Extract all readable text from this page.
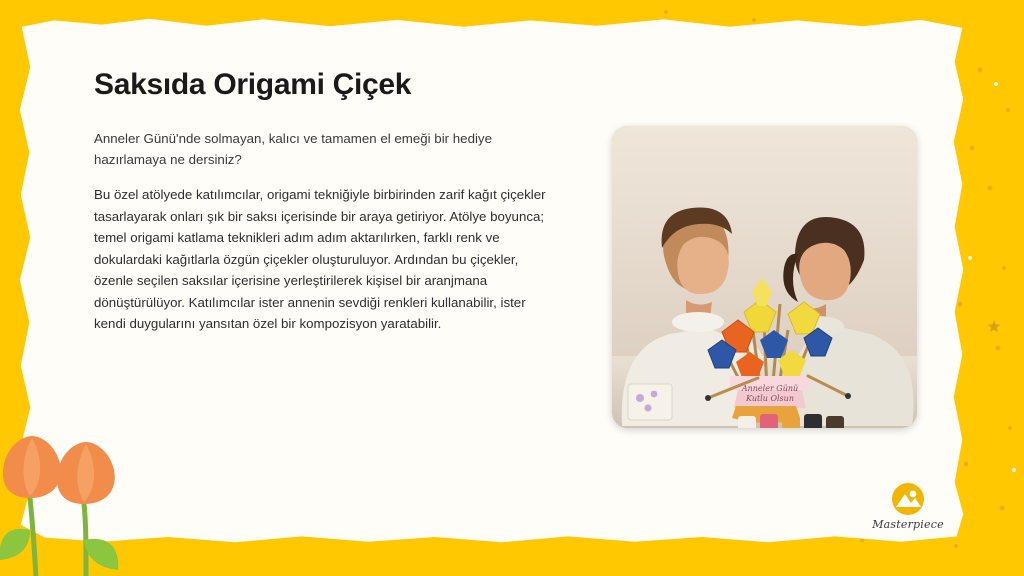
Saksıda Origami Çiçek

Anneler Günü'nde solmayan, kalıcı ve tamamen el emeği bir hediye hazırlamaya ne dersiniz?

Bu özel atölyede katılımcılar, origami tekniğiyle birbirinden zarif kağıt çiçekler tasarlayarak onları şık bir saksı içerisinde bir araya getiriyor. Atölye boyunca; temel origami katlama teknikleri adım adım aktarılırken, farklı renk ve dokulardaki kağıtlarla özgün çiçekler oluşturuluyor. Ardından bu çiçekler, özenle seçilen saksılar içerisine yerleştirilerek kişisel bir aranjmana dönüştürülüyor. Katılımcılar ister annenin sevdiği renkleri kullanabilir, ister kendi duygularını yansıtan özel bir kompozisyon yaratabilir.

Anneler Günü
Kutlu Olsun
Masterpiece
